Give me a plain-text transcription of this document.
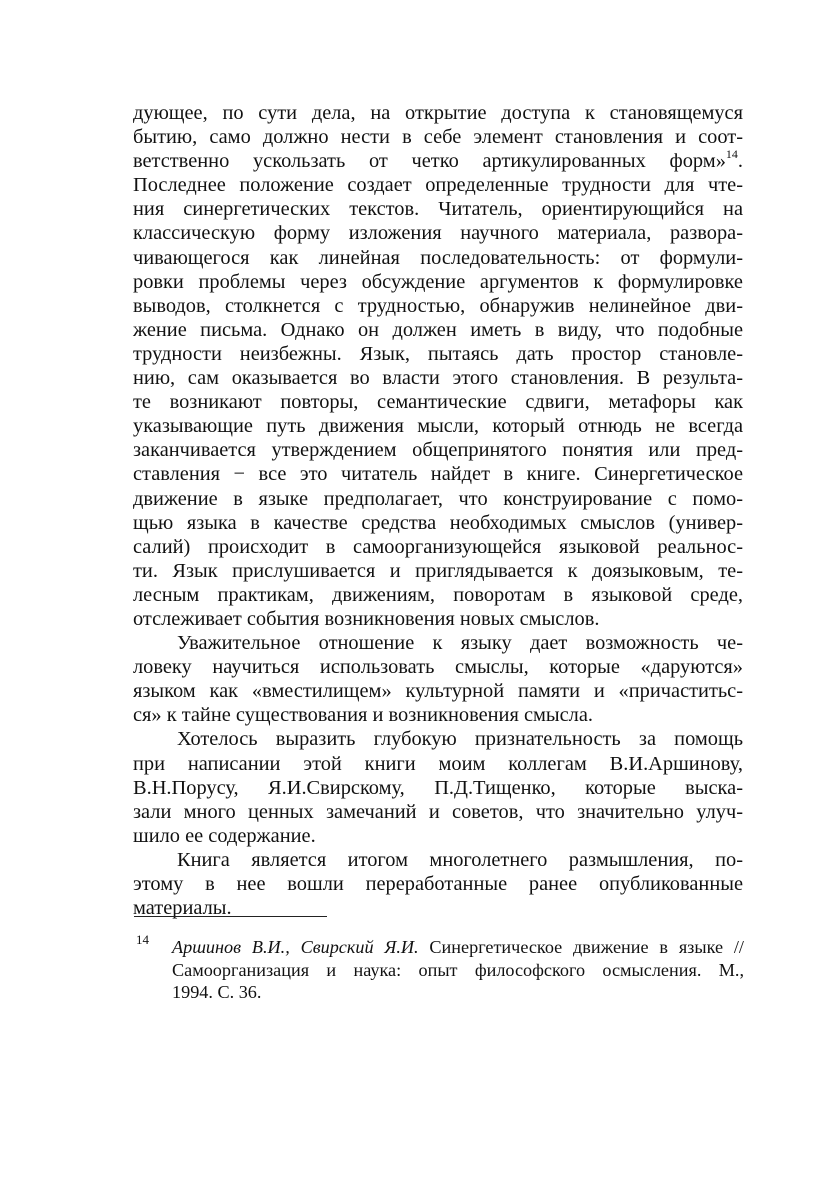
дующее, по сути дела, на открытие доступа к становящемуся
бытию, само должно нести в себе элемент становления и соот-
ветственно ускользать от четко артикулированных форм»$^{14}$.
Последнее положение создает определенные трудности для чте-
ния синергетических текстов. Читатель, ориентирующийся на
классическую форму изложения научного материала, развора-
чивающегося как линейная последовательность: от формули-
ровки проблемы через обсуждение аргументов к формулировке
выводов, столкнется с трудностью, обнаружив нелинейное дви-
жение письма. Однако он должен иметь в виду, что подобные
трудности неизбежны. Язык, пытаясь дать простор становле-
нию, сам оказывается во власти этого становления. В результа-
те возникают повторы, семантические сдвиги, метафоры как
указывающие путь движения мысли, который отнюдь не всегда
заканчивается утверждением общепринятого понятия или пред-
ставления − все это читатель найдет в книге. Синергетическое
движение в языке предполагает, что конструирование с помо-
щью языка в качестве средства необходимых смыслов (универ-
салий) происходит в самоорганизующейся языковой реальнос-
ти. Язык прислушивается и приглядывается к доязыковым, те-
лесным практикам, движениям, поворотам в языковой среде,
отслеживает события возникновения новых смыслов.
Уважительное отношение к языку дает возможность че-
ловеку научиться использовать смыслы, которые «даруются»
языком как «вместилищем» культурной памяти и «причаститьс-
ся» к тайне существования и возникновения смысла.
Хотелось выразить глубокую признательность за помощь
при написании этой книги моим коллегам В.И.Аршинову,
В.Н.Порусу, Я.И.Свирскому, П.Д.Тищенко, которые выска-
зали много ценных замечаний и советов, что значительно улуч-
шило ее содержание.
Книга является итогом многолетнего размышления, по-
этому в нее вошли переработанные ранее опубликованные
материалы.
14 Аршинов В.И., Свирский Я.И. Синергетическое движение в языке //
Самоорганизация и наука: опыт философского осмысления. М.,
1994. С. 36.
